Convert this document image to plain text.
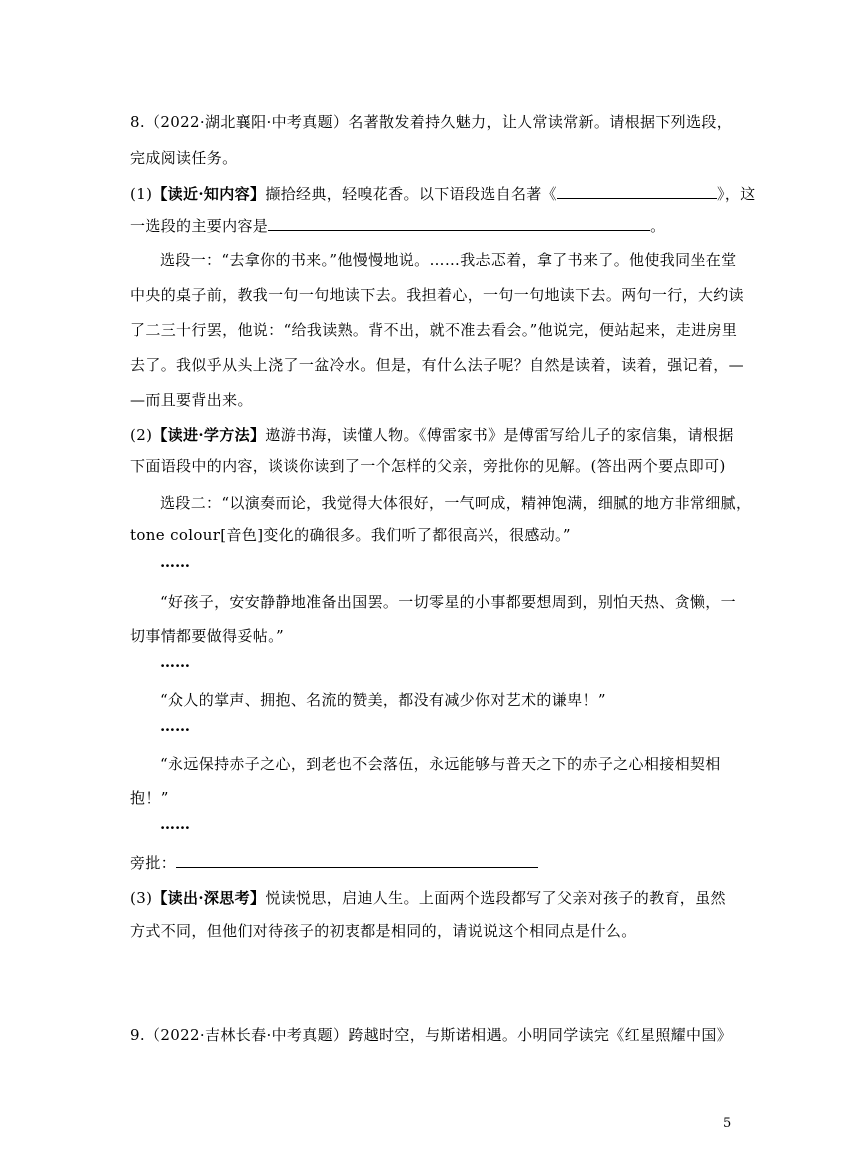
8.（2022·湖北襄阳·中考真题）名著散发着持久魅力，让人常读常新。请根据下列选段，
完成阅读任务。
(1)【读近·知内容】撷拾经典，轻嗅花香。以下语段选自名著《	》，这
一选段的主要内容是	。
选段一：“去拿你的书来。”他慢慢地说。……我忐忑着，拿了书来了。他使我同坐在堂
中央的桌子前，教我一句一句地读下去。我担着心，一句一句地读下去。两句一行，大约读
了二三十行罢，他说：“给我读熟。背不出，就不准去看会。”他说完，便站起来，走进房里
去了。我似乎从头上浇了一盆冷水。但是，有什么法子呢？自然是读着，读着，强记着，—
—而且要背出来。
(2)【读进·学方法】遨游书海，读懂人物。《傅雷家书》是傅雷写给儿子的家信集，请根据
下面语段中的内容，谈谈你读到了一个怎样的父亲，旁批你的见解。(答出两个要点即可)
选段二：“以演奏而论，我觉得大体很好，一气呵成，精神饱满，细腻的地方非常细腻，
tone colour[音色]变化的确很多。我们听了都很高兴，很感动。”
……
“好孩子，安安静静地准备出国罢。一切零星的小事都要想周到，别怕天热、贪懒，一
切事情都要做得妥帖。”
……
“众人的掌声、拥抱、名流的赞美，都没有减少你对艺术的谦卑！”
……
“永远保持赤子之心，到老也不会落伍，永远能够与普天之下的赤子之心相接相契相
抱！”
……
旁批：
(3)【读出·深思考】悦读悦思，启迪人生。上面两个选段都写了父亲对孩子的教育，虽然
方式不同，但他们对待孩子的初衷都是相同的，请说说这个相同点是什么。
9.（2022·吉林长春·中考真题）跨越时空，与斯诺相遇。小明同学读完《红星照耀中国》
5
